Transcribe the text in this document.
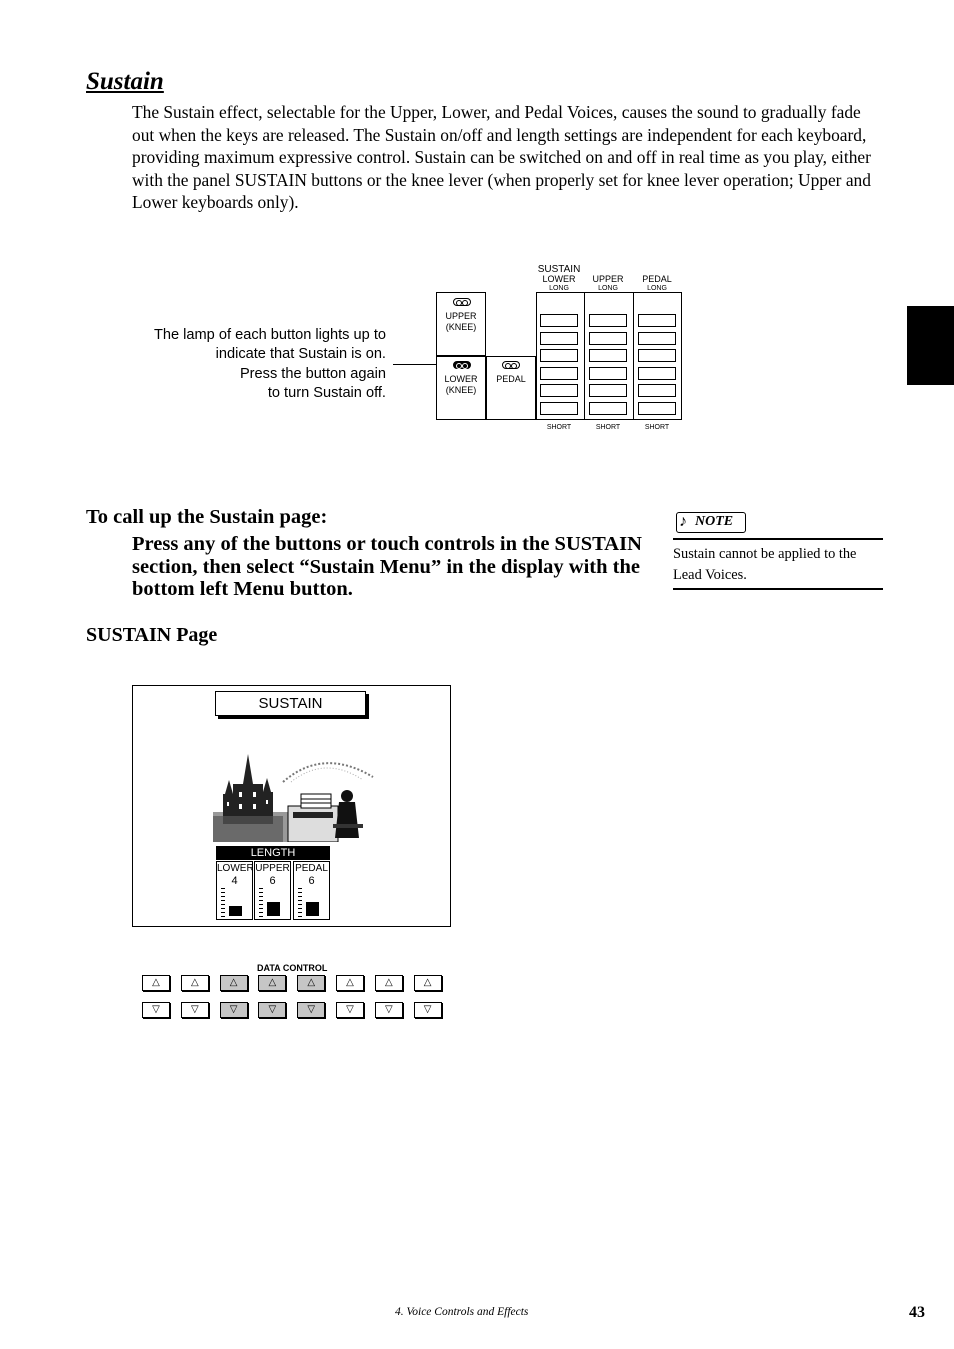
Sustain
The Sustain effect, selectable for the Upper, Lower, and Pedal Voices, causes the sound to gradually fade out when the keys are released. The Sustain on/off and length settings are independent for each keyboard, providing maximum expressive control. Sustain can be switched on and off in real time as you play, either with the panel SUSTAIN buttons or the knee lever (when properly set for knee lever operation; Upper and Lower keyboards only).
The lamp of each button lights up to
indicate that Sustain is on.
Press the button again
to turn Sustain off.
SUSTAIN
UPPER
(KNEE)
LOWER
(KNEE)
PEDAL
LOWER
LONG
UPPER
LONG
PEDAL
LONG
SHORT	SHORT	SHORT
To call up the Sustain page:
Press any of the buttons or touch controls in the SUSTAIN section, then select “Sustain Menu” in the display with the bottom left Menu button.
SUSTAIN Page
♪ NOTE
Sustain cannot be applied to the Lead Voices.
SUSTAIN
LENGTH
LOWER
4
UPPER
6
PEDAL
6
DATA CONTROL
△
▽
△
▽
△
▽
△
▽
△
▽
△
▽
△
▽
△
▽
4. Voice Controls and Effects	43
